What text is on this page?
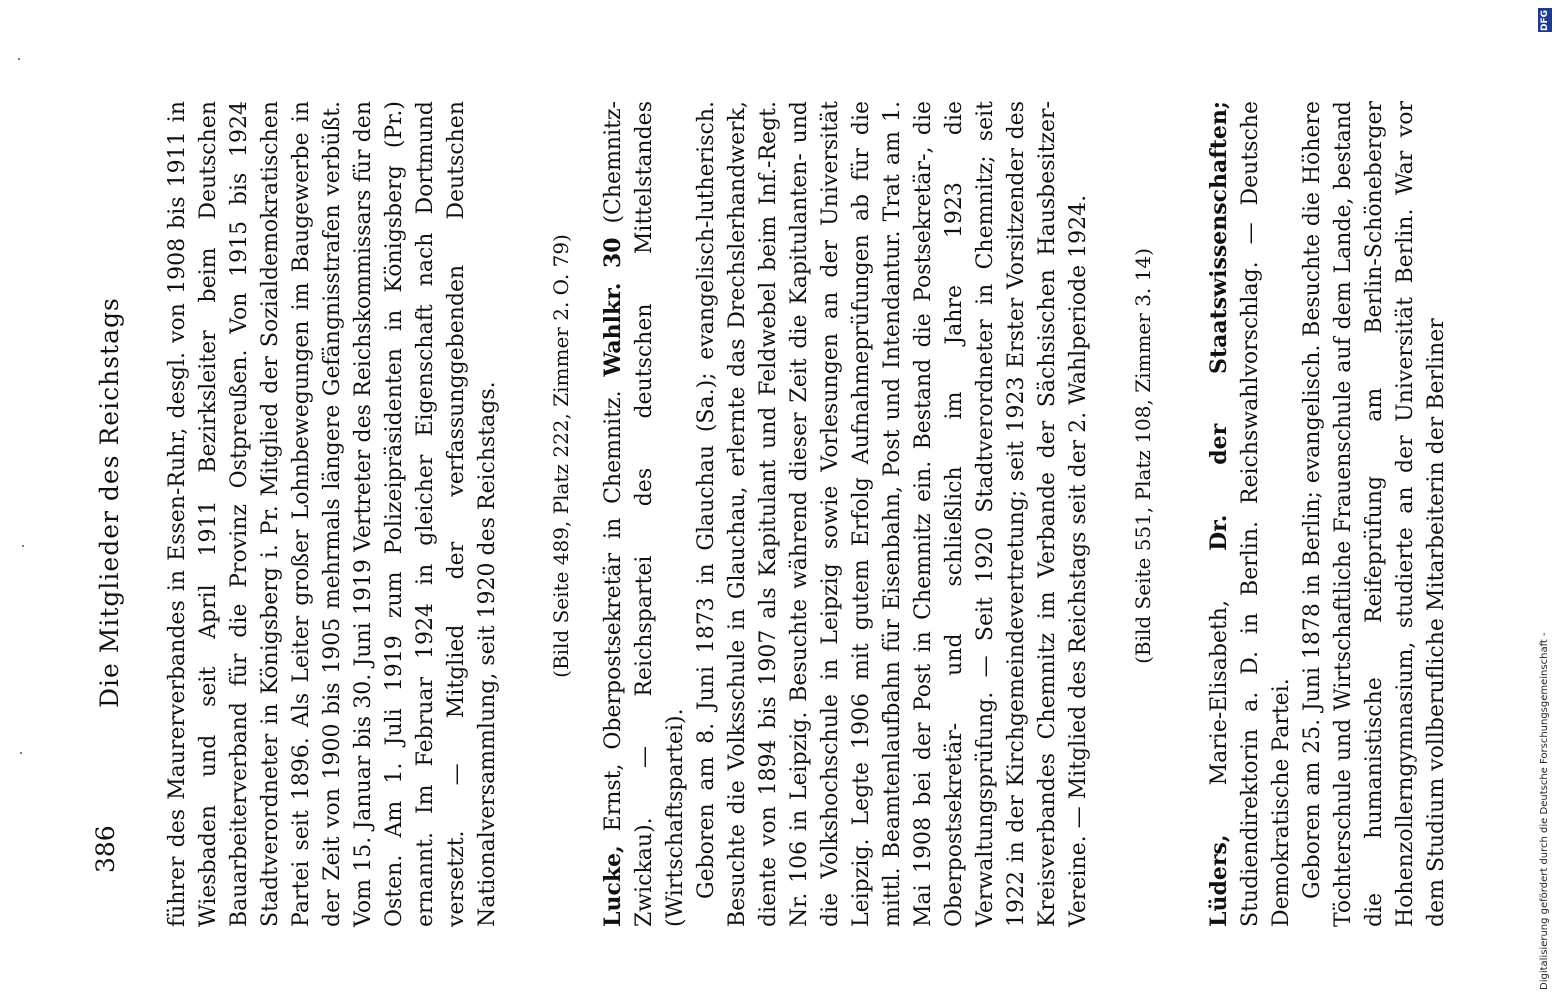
386
Die Mitglieder des Reichstags führer des Maurerverbandes in Essen-Ruhr, desgl. von 1908 bis 1911 in Wiesbaden und seit April 1911 Bezirksleiter beim Deutschen Bauarbeiterverband für die Provinz Ostpreußen. Von 1915 bis 1924 Stadtverordneter in Königsberg i. Pr. Mitglied der Sozialdemokratischen Partei seit 1896. Als Leiter großer Lohnbewegungen im Baugewerbe in der Zeit von 1900 bis 1905 mehrmals längere Gefängnisstrafen verbüßt. Vom 15. Januar bis 30. Juni 1919 Vertreter des Reichskommissars für den Osten. Am 1. Juli 1919 zum Polizeipräsidenten in Königsberg (Pr.) ernannt. Im Februar 1924 in gleicher Eigenschaft nach Dortmund versetzt. — Mitglied der verfassunggebenden Deutschen Nationalversammlung, seit 1920 des Reichstags. (Bild Seite 489, Platz 222, Zimmer 2. O. 79)

Lucke, Ernst, Oberpostsekretär in Chemnitz. Wahlkr. 30 (Chemnitz-Zwickau). — Reichspartei des deutschen Mittelstandes (Wirtschaftspartei). Geboren am 8. Juni 1873 in Glauchau (Sa.); evangelisch-lutherisch. Besuchte die Volksschule in Glauchau, erlernte das Drechslerhandwerk, diente von 1894 bis 1907 als Kapitulant und Feldwebel beim Inf.-Regt. Nr. 106 in Leipzig. Besuchte während dieser Zeit die Kapitulanten- und die Volkshochschule in Leipzig sowie Vorlesungen an der Universität Leipzig. Legte 1906 mit gutem Erfolg Aufnahmeprüfungen ab für die mittl. Beamtenlaufbahn für Eisenbahn, Post und Intendantur. Trat am 1. Mai 1908 bei der Post in Chemnitz ein. Bestand die Postsekretär-, die Oberpostsekretär- und schließlich im Jahre 1923 die Verwaltungsprüfung. — Seit 1920 Stadtverordneter in Chemnitz; seit 1922 in der Kirchgemeindevertretung; seit 1923 Erster Vorsitzender des Kreisverbandes Chemnitz im Verbande der Sächsischen Hausbesitzer-Vereine. — Mitglied des Reichstags seit der 2. Wahlperiode 1924. (Bild Seite 551, Platz 108, Zimmer 3. 14)

Lüders, Marie-Elisabeth, Dr. der Staatswissenschaften; Studiendirektorin a. D. in Berlin. Reichswahlvorschlag. — Deutsche Demokratische Partei. Geboren am 25. Juni 1878 in Berlin; evangelisch. Besuchte die Höhere Töchterschule und Wirtschaftliche Frauenschule auf dem Lande, bestand die humanistische Reifeprüfung am Berlin-Schöneberger Hohenzollerngymnasium, studierte an der Universität Berlin. War vor dem Studium vollberufliche Mitarbeiterin der Berliner	Digitalisierung gefördert durch die Deutsche Forschungsgemeinschaft -
DFG
